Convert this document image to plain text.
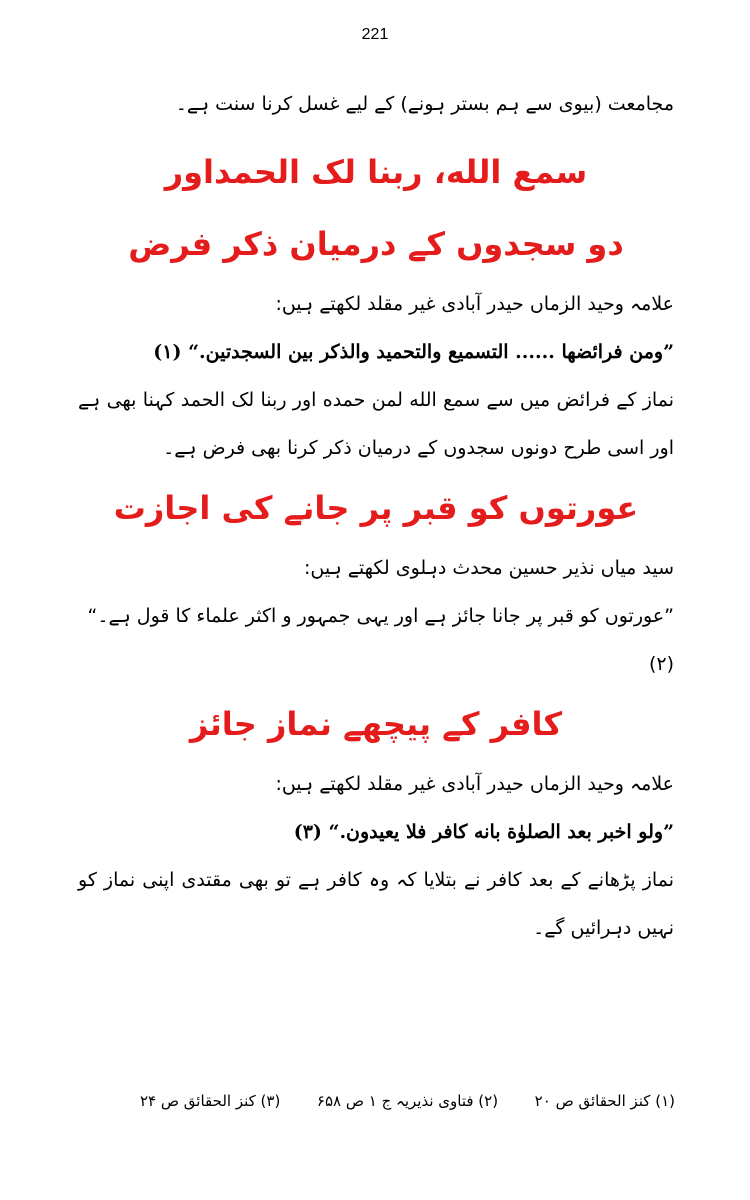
221

مجامعت (بیوی سے ہم بستر ہونے) کے لیے غسل کرنا سنت ہے۔

سمع الله، ربنا لک الحمداور

دو سجدوں کے درمیان ذکر فرض

علامہ وحید الزماں حیدر آبادی غیر مقلد لکھتے ہیں:

”ومن فرائضها ...... التسميع والتحميد والذكر بين السجدتين.“ (۱)

نماز کے فرائض میں سے سمع الله لمن حمده اور ربنا لک الحمد کہنا بھی ہے اور اسی طرح دونوں سجدوں کے درمیان ذکر کرنا بھی فرض ہے۔

عورتوں کو قبر پر جانے کی اجازت

سید میاں نذیر حسین محدث دہلوی لکھتے ہیں:

”عورتوں کو قبر پر جانا جائز ہے اور یہی جمہور و اکثر علماء کا قول ہے۔“ (۲)

کافر کے پیچھے نماز جائز

علامہ وحید الزماں حیدر آبادی غیر مقلد لکھتے ہیں:

”ولو اخبر بعد الصلوٰة بانه كافر فلا يعيدون.“ (۳)

نماز پڑھانے کے بعد کافر نے بتلایا کہ وہ کافر ہے تو بھی مقتدی اپنی نماز کو نہیں دہرائیں گے۔

(۱) کنز الحقائق ص ۲۰
(۲) فتاوی نذیریہ ج ۱ ص ۶۵۸
(۳) کنز الحقائق ص ۲۴
